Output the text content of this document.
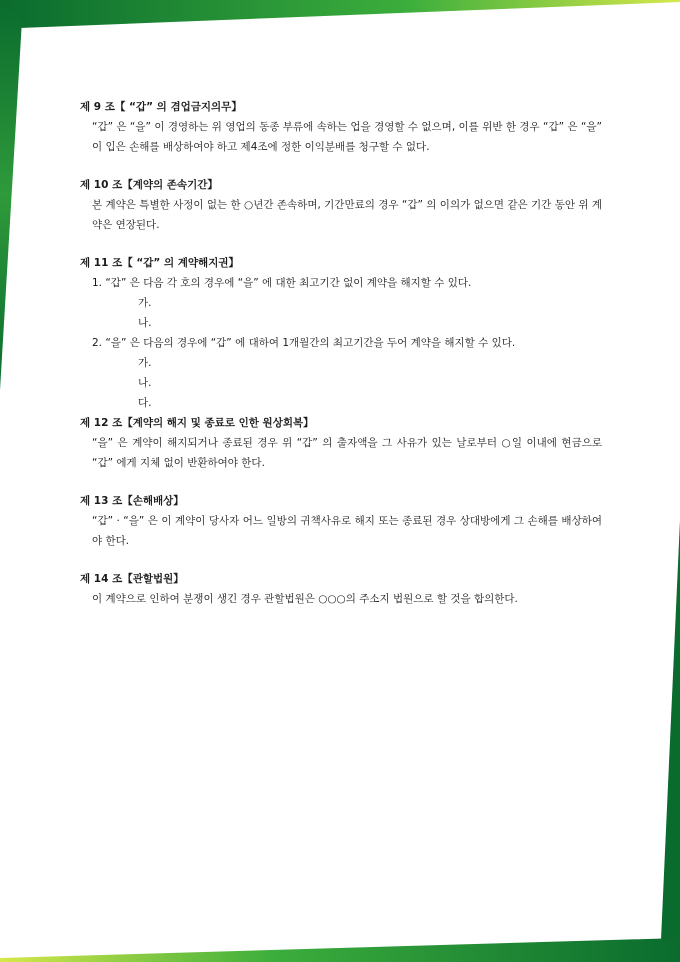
제 9 조【 “갑” 의 겸업금지의무】

“갑” 은 “을” 이 경영하는 위 영업의 동종 부류에 속하는 업을 경영할 수 없으며, 이를 위반 한 경우 “갑” 은 “을” 이 입은 손해를 배상하여야 하고 제4조에 정한 이익분배를 청구할 수 없다.

제 10 조【계약의 존속기간】

본 계약은 특별한 사정이 없는 한 ○년간 존속하며, 기간만료의 경우 “갑” 의 이의가 없으면 같은 기간 동안 위 계약은 연장된다.

제 11 조【 “갑” 의 계약해지권】

1. “갑” 은 다음 각 호의 경우에 “을” 에 대한 최고기간 없이 계약을 해지할 수 있다.

가.

나.

2. “을” 은 다음의 경우에 “갑” 에 대하여 1개월간의 최고기간을 두어 계약을 해지할 수 있다.

가.

나.

다.

제 12 조【계약의 해지 및 종료로 인한 원상회복】

“을” 은 계약이 해지되거나 종료된 경우 위 “갑” 의 출자액을 그 사유가 있는 날로부터 ○일 이내에 현금으로 “갑” 에게 지체 없이 반환하여야 한다.

제 13 조【손해배상】

“갑” · “을” 은 이 계약이 당사자 어느 일방의 귀책사유로 해지 또는 종료된 경우 상대방에게 그 손해를 배상하여야 한다.

제 14 조【관할법원】

이 계약으로 인하여 분쟁이 생긴 경우 관할법원은 ○○○의 주소지 법원으로 할 것을 합의한다.
